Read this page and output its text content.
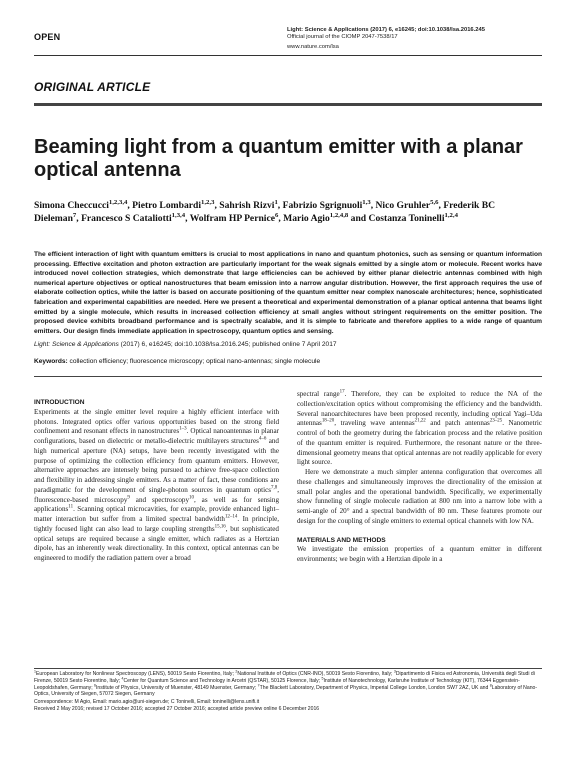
OPEN
Light: Science & Applications (2017) 6, e16245; doi:10.1038/lsa.2016.245
Official journal of the CIOMP 2047-7538/17
www.nature.com/lsa
ORIGINAL ARTICLE
Beaming light from a quantum emitter with a planar optical antenna
Simona Checcucci$^{1,2,3,4}$, Pietro Lombardi$^{1,2,3}$, Sahrish Rizvi$^1$, Fabrizio Sgrignuoli$^{1,3}$, Nico Gruhler$^{5,6}$, Frederik BC Dieleman$^7$, Francesco S Cataliotti$^{1,3,4}$, Wolfram HP Pernice$^6$, Mario Agio$^{1,2,4,8}$ and Costanza Toninelli$^{1,2,4}$
The efficient interaction of light with quantum emitters is crucial to most applications in nano and quantum photonics, such as sensing or quantum information processing. Effective excitation and photon extraction are particularly important for the weak signals emitted by a single atom or molecule. Recent works have introduced novel collection strategies, which demonstrate that large efficiencies can be achieved by either planar dielectric antennas combined with high numerical aperture objectives or optical nanostructures that beam emission into a narrow angular distribution. However, the first approach requires the use of elaborate collection optics, while the latter is based on accurate positioning of the quantum emitter near complex nanoscale architectures; hence, sophisticated fabrication and experimental capabilities are needed. Here we present a theoretical and experimental demonstration of a planar optical antenna that beams light emitted by a single molecule, which results in increased collection efficiency at small angles without stringent requirements on the emitter position. The proposed device exhibits broadband performance and is spectrally scalable, and it is simple to fabricate and therefore applies to a wide range of quantum emitters. Our design finds immediate application in spectroscopy, quantum optics and sensing.
Light: Science & Applications (2017) 6, e16245; doi:10.1038/lsa.2016.245; published online 7 April 2017
Keywords: collection efficiency; fluorescence microscopy; optical nano-antennas; single molecule
INTRODUCTION

Experiments at the single emitter level require a highly efficient interface with photons. Integrated optics offer various opportunities based on the strong field confinement and resonant effects in nanostructures$^{1-3}$. Optical nanoantennas in planar configurations, based on dielectric or metallo-dielectric multilayers structures$^{4-6}$ and high numerical aperture (NA) setups, have been recently investigated with the purpose of optimizing the collection efficiency from quantum emitters. However, alternative approaches are intensely being pursued to achieve free-space collection and flexibility in addressing single emitters. As a matter of fact, these conditions are paradigmatic for the development of single-photon sources in quantum optics$^{7,8}$, fluorescence-based microscopy$^9$ and spectroscopy$^{10}$, as well as for sensing applications$^{11}$. Scanning optical microcavities, for example, provide enhanced light–matter interaction but suffer from a limited spectral bandwidth$^{12-14}$. In principle, tightly focused light can also lead to large coupling strengths$^{15,16}$, but sophisticated optical setups are required because a single emitter, which radiates as a Hertzian dipole, has an inherently weak directionality. In this context, optical antennas can be engineered to modify the radiation pattern over a broad

spectral range$^{17}$. Therefore, they can be exploited to reduce the NA of the collection/excitation optics without compromising the efficiency and the bandwidth. Several nanoarchitectures have been proposed recently, including optical Yagi–Uda antennas$^{18-20}$, traveling wave antennas$^{21,22}$ and patch antennas$^{23-25}$. Nanometric control of both the geometry during the fabrication process and the relative position of the quantum emitter is required. Furthermore, the resonant nature or the three-dimensional geometry means that optical antennas are not readily applicable for every light source.

Here we demonstrate a much simpler antenna configuration that overcomes all these challenges and simultaneously improves the directionality of the emission at small polar angles and the operational bandwidth. Specifically, we experimentally show funneling of single molecule radiation at 800 nm into a narrow lobe with a semi-angle of 20° and a spectral bandwidth of 80 nm. These features promote our design for the coupling of single emitters to external optical channels with low NA.

MATERIALS AND METHODS

We investigate the emission properties of a quantum emitter in different environments; we begin with a Hertzian dipole in a

$^1$European Laboratory for Nonlinear Spectroscopy (LENS), 50019 Sesto Fiorentino, Italy; $^2$National Institute of Optics (CNR-INO), 50019 Sesto Fiorentino, Italy; $^3$Dipartimento di Fisica ed Astronomia, Università degli Studi di Firenze, 50019 Sesto Fiorentino, Italy; $^4$Center for Quantum Science and Technology in Arcetri (QSTAR), 50125 Florence, Italy; $^5$Institute of Nanotechnology, Karlsruhe Institute of Technology (KIT), 76344 Eggenstein-Leopoldshafen, Germany; $^6$Institute of Physics, University of Muenster, 48149 Muenster, Germany; $^7$The Blackett Laboratory, Department of Physics, Imperial College London, London SW7 2AZ, UK and $^8$Laboratory of Nano-Optics, University of Siegen, 57072 Siegen, Germany

Correspondence: M Agio, Email: mario.agio@uni-siegen.de; C Toninelli, Email: toninelli@lens.unifi.it

Received 2 May 2016; revised 17 October 2016; accepted 27 October 2016; accepted article preview online 6 December 2016
